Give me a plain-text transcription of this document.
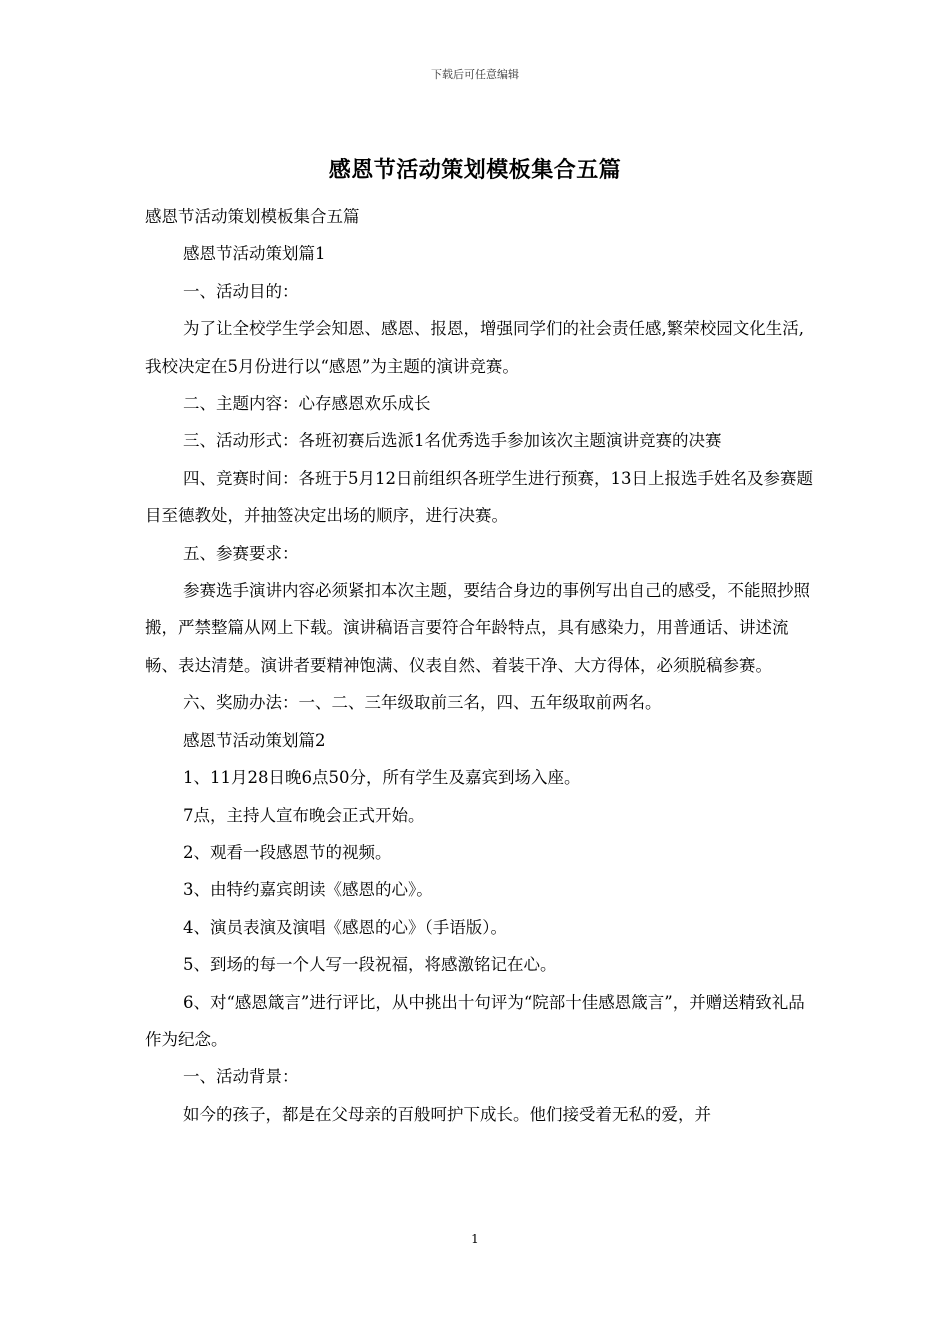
下载后可任意编辑
感恩节活动策划模板集合五篇

感恩节活动策划模板集合五篇

感恩节活动策划篇1

一、活动目的：

为了让全校学生学会知恩、感恩、报恩，增强同学们的社会责任感,繁荣校园文化生活,我校决定在5月份进行以“感恩”为主题的演讲竞赛。

二、主题内容：心存感恩欢乐成长

三、活动形式：各班初赛后选派1名优秀选手参加该次主题演讲竞赛的决赛

四、竞赛时间：各班于5月12日前组织各班学生进行预赛，13日上报选手姓名及参赛题目至德教处，并抽签决定出场的顺序，进行决赛。

五、参赛要求：

参赛选手演讲内容必须紧扣本次主题，要结合身边的事例写出自己的感受，不能照抄照搬，严禁整篇从网上下载。演讲稿语言要符合年龄特点，具有感染力，用普通话、讲述流畅、表达清楚。演讲者要精神饱满、仪表自然、着装干净、大方得体，必须脱稿参赛。

六、奖励办法：一、二、三年级取前三名，四、五年级取前两名。

感恩节活动策划篇2

1、11月28日晚6点50分，所有学生及嘉宾到场入座。

7点，主持人宣布晚会正式开始。

2、观看一段感恩节的视频。

3、由特约嘉宾朗读《感恩的心》。

4、演员表演及演唱《感恩的心》（手语版）。

5、到场的每一个人写一段祝福，将感激铭记在心。

6、对“感恩箴言”进行评比，从中挑出十句评为“院部十佳感恩箴言”，并赠送精致礼品作为纪念。

一、活动背景：

如今的孩子，都是在父母亲的百般呵护下成长。他们接受着无私的爱，并

1
